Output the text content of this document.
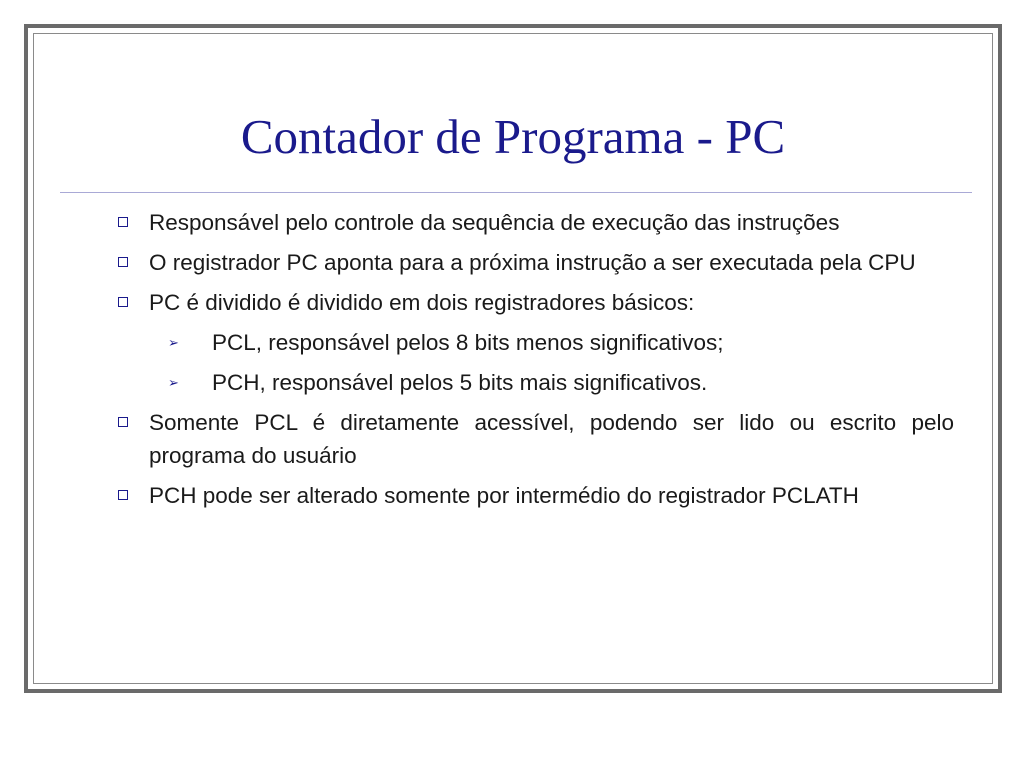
Contador de Programa - PC
Responsável pelo controle da sequência de execução das instruções
O registrador PC aponta para a próxima instrução a ser executada pela CPU
PC é dividido é dividido em dois registradores básicos:
➢ PCL, responsável pelos 8 bits menos significativos;
➢ PCH, responsável pelos 5 bits mais significativos.
Somente PCL é diretamente acessível, podendo ser lido ou escrito pelo programa do usuário
PCH pode ser alterado somente por intermédio do registrador PCLATH
